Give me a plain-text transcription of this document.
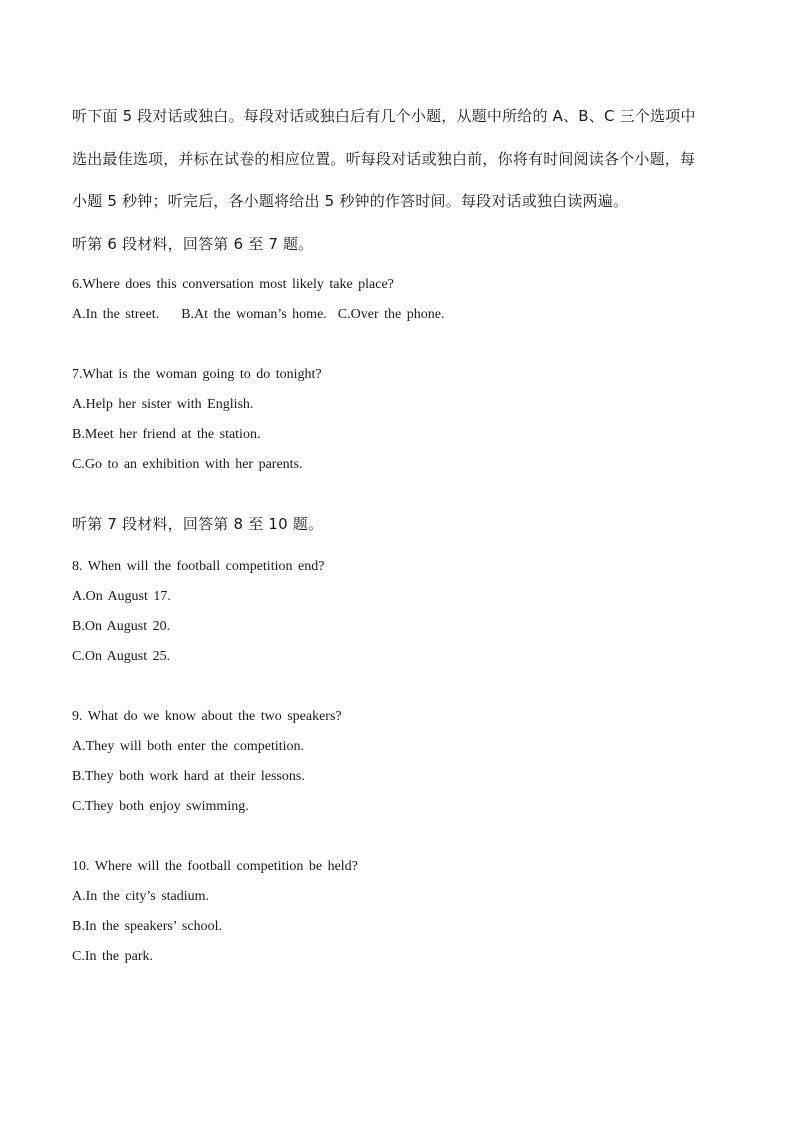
听下面 5 段对话或独白。每段对话或独白后有几个小题，从题中所给的 A、B、C 三个选项中
选出最佳选项，并标在试卷的相应位置。听每段对话或独白前，你将有时间阅读各个小题，每
小题 5 秒钟；听完后，各小题将给出 5 秒钟的作答时间。每段对话或独白读两遍。
听第 6 段材料，回答第 6 至 7 题。
6.Where does this conversation most likely take place?
A.In the street.    B.At the woman’s home.  C.Over the phone.
7.What is the woman going to do tonight?
A.Help her sister with English.
B.Meet her friend at the station.
C.Go to an exhibition with her parents.
听第 7 段材料，回答第 8 至 10 题。
8. When will the football competition end?
A.On August 17.
B.On August 20.
C.On August 25.
9. What do we know about the two speakers?
A.They will both enter the competition.
B.They both work hard at their lessons.
C.They both enjoy swimming.
10. Where will the football competition be held?
A.In the city’s stadium.
B.In the speakers’ school.
C.In the park.
